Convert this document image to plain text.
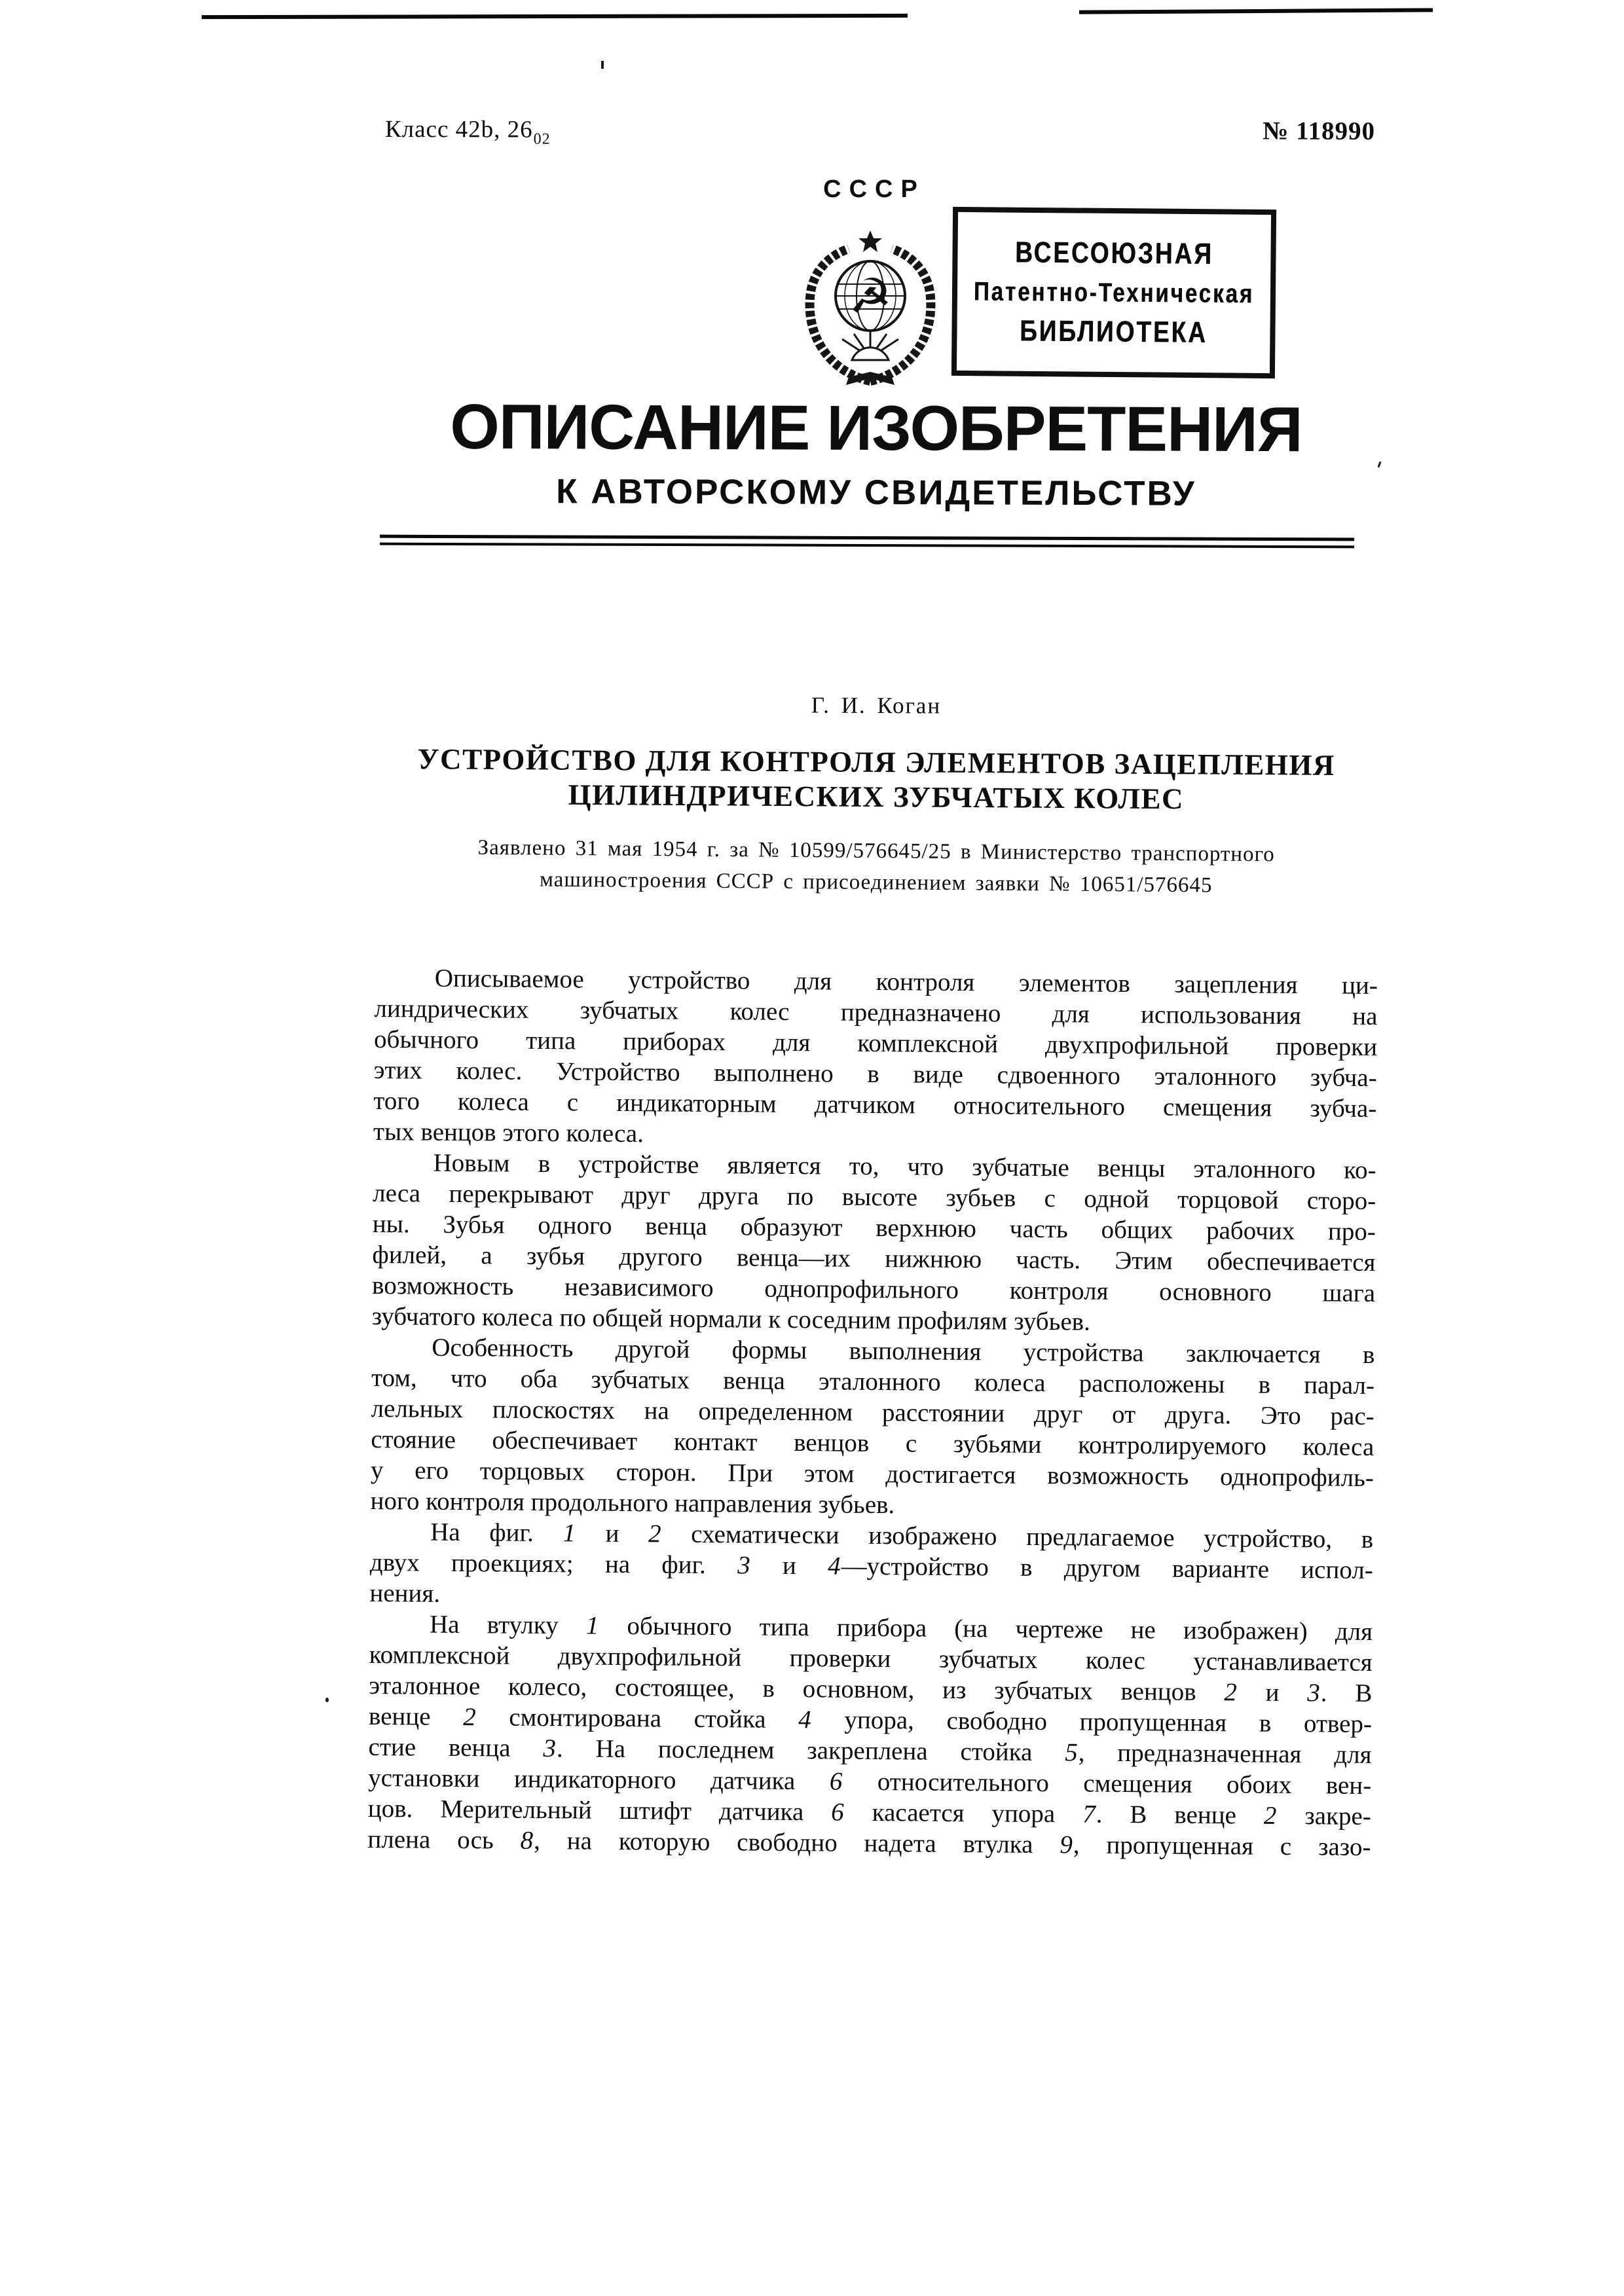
Класс 42b, $26_{02}$	№ 118990
СССР
☭
ВСЕСОЮЗНАЯ
Патентно-Техническая
БИБЛИОТЕКА
ОПИСАНИЕ ИЗОБРЕТЕНИЯ
К АВТОРСКОМУ СВИДЕТЕЛЬСТВУ
Г. И. Коган
УСТРОЙСТВО ДЛЯ КОНТРОЛЯ ЭЛЕМЕНТОВ ЗАЦЕПЛЕНИЯ
ЦИЛИНДРИЧЕСКИХ ЗУБЧАТЫХ КОЛЕС
Заявлено 31 мая 1954 г. за № 10599/576645/25 в Министерство транспортного
машиностроения СССР с присоединением заявки № 10651/576645
Описываемое устройство для контроля элементов зацепления ци-
линдрических зубчатых колес предназначено для использования на
обычного типа приборах для комплексной двухпрофильной проверки
этих колес. Устройство выполнено в виде сдвоенного эталонного зубча-
того колеса с индикаторным датчиком относительного смещения зубча-
тых венцов этого колеса.
Новым в устройстве является то, что зубчатые венцы эталонного ко-
леса перекрывают друг друга по высоте зубьев с одной торцовой сторо-
ны. Зубья одного венца образуют верхнюю часть общих рабочих про-
филей, а зубья другого венца—их нижнюю часть. Этим обеспечивается
возможность независимого однопрофильного контроля основного шага
зубчатого колеса по общей нормали к соседним профилям зубьев.
Особенность другой формы выполнения устройства заключается в
том, что оба зубчатых венца эталонного колеса расположены в парал-
лельных плоскостях на определенном расстоянии друг от друга. Это рас-
стояние обеспечивает контакт венцов с зубьями контролируемого колеса
у его торцовых сторон. При этом достигается возможность однопрофиль-
ного контроля продольного направления зубьев.
На фиг. 1 и 2 схематически изображено предлагаемое устройство, в
двух проекциях; на фиг. 3 и 4—устройство в другом варианте испол-
нения.
На втулку 1 обычного типа прибора (на чертеже не изображен) для
комплексной двухпрофильной проверки зубчатых колес устанавливается
эталонное колесо, состоящее, в основном, из зубчатых венцов 2 и 3. В
венце 2 смонтирована стойка 4 упора, свободно пропущенная в отвер-
стие венца 3. На последнем закреплена стойка 5, предназначенная для
установки индикаторного датчика 6 относительного смещения обоих вен-
цов. Мерительный штифт датчика 6 касается упора 7. В венце 2 закре-
плена ось 8, на которую свободно надета втулка 9, пропущенная с зазо-
